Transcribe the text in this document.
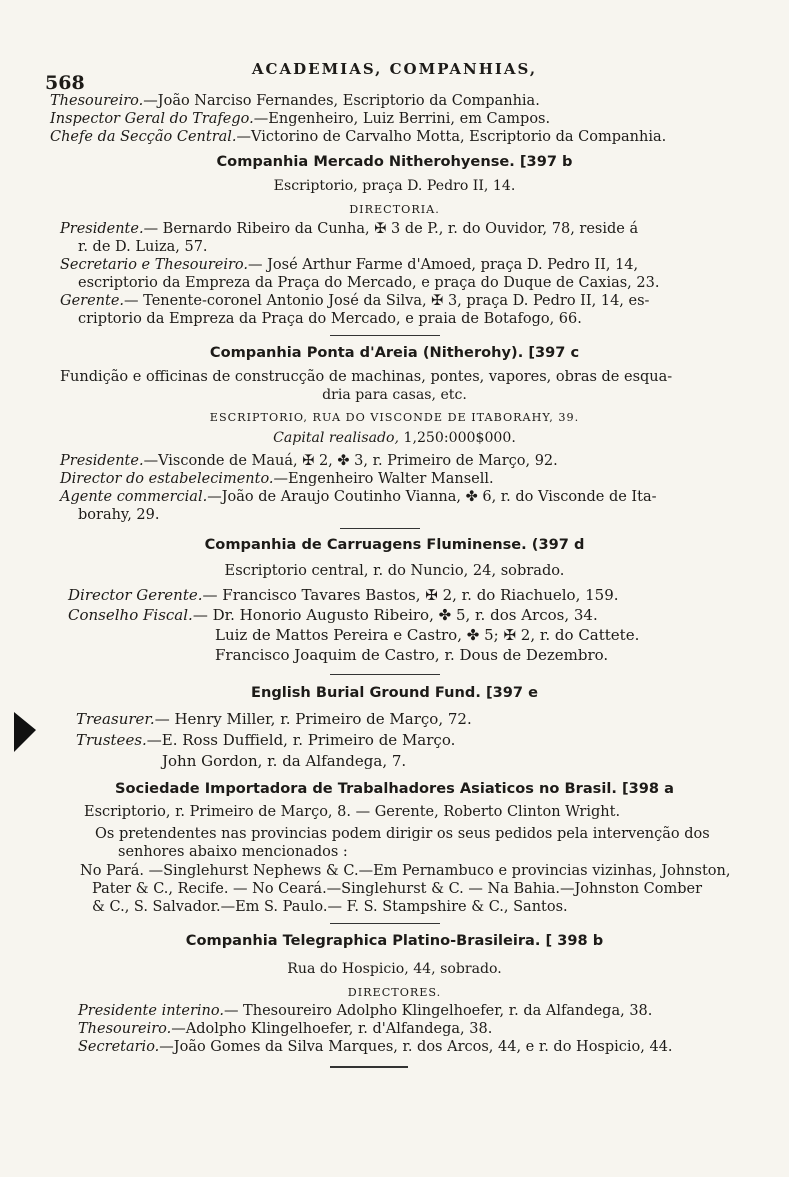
568
ACADEMIAS, COMPANHIAS,
Thesoureiro.—João Narciso Fernandes, Escriptorio da Companhia.
Inspector Geral do Trafego.—Engenheiro, Luiz Berrini, em Campos.
Chefe da Secção Central.—Victorino de Carvalho Motta, Escriptorio da Companhia.
Companhia Mercado Nitherohyense. [397 b
Escriptorio, praça D. Pedro II, 14.
DIRECTORIA.
Presidente.— Bernardo Ribeiro da Cunha, ✠ 3 de P., r. do Ouvidor, 78, reside á
r. de D. Luiza, 57.
Secretario e Thesoureiro.— José Arthur Farme d'Amoed, praça D. Pedro II, 14,
escriptorio da Empreza da Praça do Mercado, e praça do Duque de Caxias, 23.
Gerente.— Tenente-coronel Antonio José da Silva, ✠ 3, praça D. Pedro II, 14, es-
criptorio da Empreza da Praça do Mercado, e praia de Botafogo, 66.
Companhia Ponta d'Areia (Nitherohy). [397 c
Fundição e officinas de construcção de machinas, pontes, vapores, obras de esqua-
dria para casas, etc.
ESCRIPTORIO, RUA DO VISCONDE DE ITABORAHY, 39.
Capital realisado, 1,250:000$000.
Presidente.—Visconde de Mauá, ✠ 2, ✤ 3, r. Primeiro de Março, 92.
Director do estabelecimento.—Engenheiro Walter Mansell.
Agente commercial.—João de Araujo Coutinho Vianna, ✤ 6, r. do Visconde de Ita-
borahy, 29.
Companhia de Carruagens Fluminense. (397 d
Escriptorio central, r. do Nuncio, 24, sobrado.
Director Gerente.— Francisco Tavares Bastos, ✠ 2, r. do Riachuelo, 159.
Conselho Fiscal.— Dr. Honorio Augusto Ribeiro, ✤ 5, r. dos Arcos, 34.
Luiz de Mattos Pereira e Castro, ✤ 5; ✠ 2, r. do Cattete.
Francisco Joaquim de Castro, r. Dous de Dezembro.
English Burial Ground Fund. [397 e
Treasurer.— Henry Miller, r. Primeiro de Março, 72.
Trustees.—E. Ross Duffield, r. Primeiro de Março.
John Gordon, r. da Alfandega, 7.
Sociedade Importadora de Trabalhadores Asiaticos no Brasil. [398 a
Escriptorio, r. Primeiro de Março, 8. — Gerente, Roberto Clinton Wright.
Os pretendentes nas provincias podem dirigir os seus pedidos pela intervenção dos
senhores abaixo mencionados :
No Pará. —Singlehurst Nephews & C.—Em Pernambuco e provincias vizinhas, Johnston,
Pater & C., Recife. — No Ceará.—Singlehurst & C. — Na Bahia.—Johnston Comber
& C., S. Salvador.—Em S. Paulo.— F. S. Stampshire & C., Santos.
Companhia Telegraphica Platino-Brasileira. [ 398 b
Rua do Hospicio, 44, sobrado.
DIRECTORES.
Presidente interino.— Thesoureiro Adolpho Klingelhoefer, r. da Alfandega, 38.
Thesoureiro.—Adolpho Klingelhoefer, r. d'Alfandega, 38.
Secretario.—João Gomes da Silva Marques, r. dos Arcos, 44, e r. do Hospicio, 44.
